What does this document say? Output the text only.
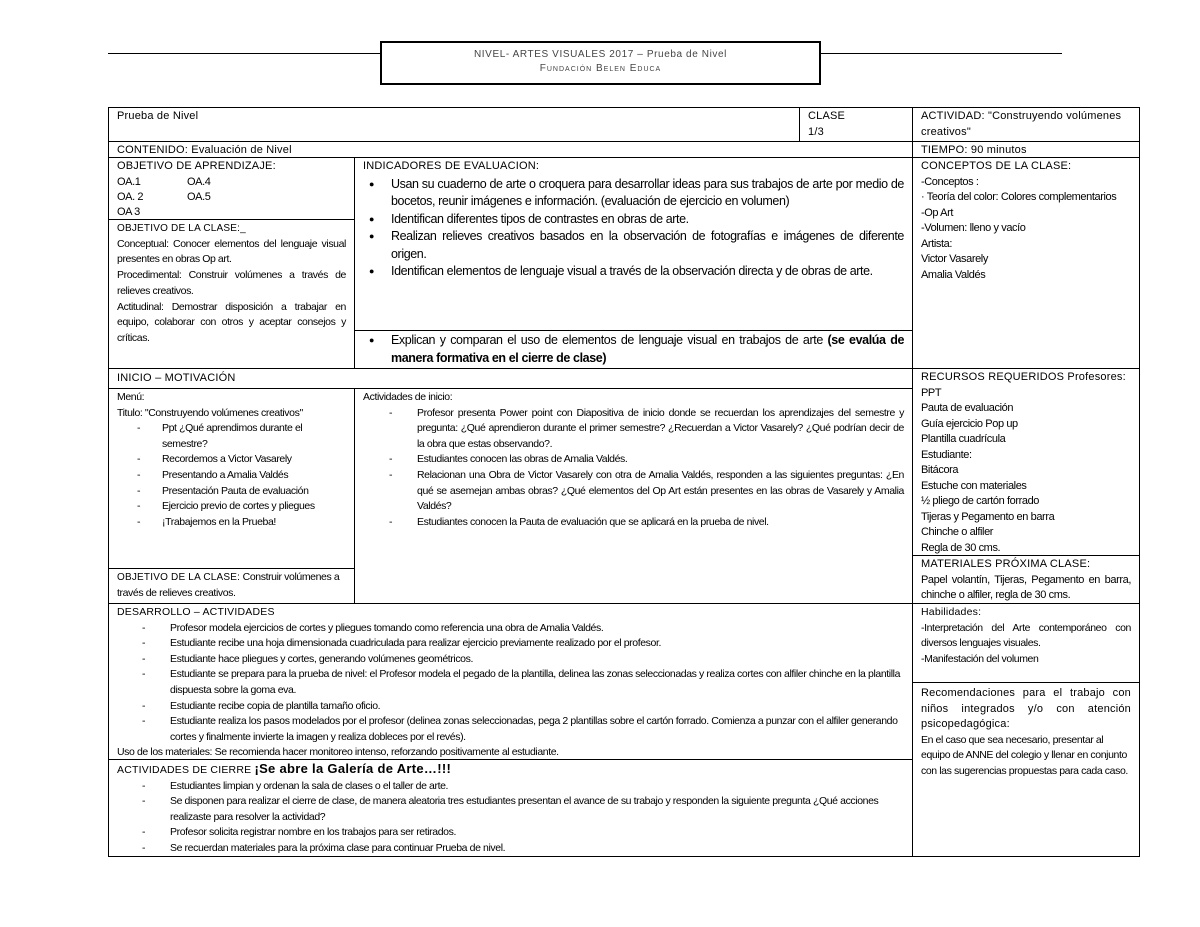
NIVEL- ARTES VISUALES 2017 – Prueba de Nivel
Fundación Belen Educa
Prueba de Nivel	CLASE
1/3
ACTIVIDAD: "Construyendo volúmenes creativos"
CONTENIDO: Evaluación de Nivel	TIEMPO: 90 minutos
OBJETIVO DE APRENDIZAJE:
OA.1	OA.4
OA. 2	OA.5
OA 3
OBJETIVO DE LA CLASE:_
Conceptual: Conocer elementos del lenguaje visual presentes en obras Op art.
Procedimental: Construir volúmenes a través de relieves creativos.
Actitudinal: Demostrar disposición a trabajar en equipo, colaborar con otros y aceptar consejos y críticas.
INDICADORES DE EVALUACION:
● Usan su cuaderno de arte o croquera para desarrollar ideas para sus trabajos de arte por medio de bocetos, reunir imágenes e información. (evaluación de ejercicio en volumen)
● Identifican diferentes tipos de contrastes en obras de arte.
● Realizan relieves creativos basados en la observación de fotografías e imágenes de diferente origen.
● Identifican elementos de lenguaje visual a través de la observación directa y de obras de arte.
● Explican y comparan el uso de elementos de lenguaje visual en trabajos de arte (se evalúa de manera formativa en el cierre de clase)
CONCEPTOS DE LA CLASE:
-Conceptos :
· Teoría del color: Colores complementarios
-Op Art
-Volumen: lleno y vacío
Artista:
Victor Vasarely
Amalia Valdés
INICIO – MOTIVACIÓN
Menú:
Titulo: "Construyendo volúmenes creativos"
- Ppt ¿Qué aprendimos durante el semestre?
- Recordemos a Victor Vasarely
- Presentando a Amalia Valdés
- Presentación Pauta de evaluación
- Ejercicio previo de cortes y pliegues
- ¡Trabajemos en la Prueba!
OBJETIVO DE LA CLASE: Construir volúmenes a través de relieves creativos.
Actividades de inicio:
- Profesor presenta Power point con Diapositiva de inicio donde se recuerdan los aprendizajes del semestre y pregunta: ¿Qué aprendieron durante el primer semestre? ¿Recuerdan a Victor Vasarely? ¿Qué podrían decir de la obra que estas observando?.
- Estudiantes conocen las obras de Amalia Valdés.
- Relacionan una Obra de Victor Vasarely con otra de Amalia Valdés, responden a las siguientes preguntas: ¿En qué se asemejan ambas obras? ¿Qué elementos del Op Art están presentes en las obras de Vasarely y Amalia Valdés?
- Estudiantes conocen la Pauta de evaluación que se aplicará en la prueba de nivel.
RECURSOS REQUERIDOS Profesores:
PPT
Pauta de evaluación
Guía ejercicio Pop up
Plantilla cuadrícula
Estudiante:
Bitácora
Estuche con materiales
½ pliego de cartón forrado
Tijeras y Pegamento en barra
Chinche o alfiler
Regla de 30 cms.
MATERIALES PRÓXIMA CLASE:
Papel volantín, Tijeras, Pegamento en barra, chinche o alfiler, regla de 30 cms.
DESARROLLO – ACTIVIDADES
- Profesor modela ejercicios de cortes y pliegues tomando como referencia una obra de Amalia Valdés.
- Estudiante recibe una hoja dimensionada cuadriculada para realizar ejercicio previamente realizado por el profesor.
- Estudiante hace pliegues y cortes, generando volúmenes geométricos.
- Estudiante se prepara para la prueba de nivel: el Profesor modela el pegado de la plantilla, delinea las zonas seleccionadas y realiza cortes con alfiler chinche en la plantilla dispuesta sobre la goma eva.
- Estudiante recibe copia de plantilla tamaño oficio.
- Estudiante realiza los pasos modelados por el profesor (delinea zonas seleccionadas, pega 2 plantillas sobre el cartón forrado. Comienza a punzar con el alfiler generando cortes y finalmente invierte la imagen y realiza dobleces por el revés).
Uso de los materiales: Se recomienda hacer monitoreo intenso, reforzando positivamente al estudiante.
ACTIVIDADES DE CIERRE ¡Se abre la Galería de Arte…!!!
- Estudiantes limpian y ordenan la sala de clases o el taller de arte.
- Se disponen para realizar el cierre de clase, de manera aleatoria tres estudiantes presentan el avance de su trabajo y responden la siguiente pregunta ¿Qué acciones realizaste para resolver la actividad?
- Profesor solicita registrar nombre en los trabajos para ser retirados.
- Se recuerdan materiales para la próxima clase para continuar Prueba de nivel.
Habilidades:
-Interpretación del Arte contemporáneo con diversos lenguajes visuales.
-Manifestación del volumen
Recomendaciones para el trabajo con niños integrados y/o con atención psicopedagógica:
En el caso que sea necesario, presentar al equipo de ANNE del colegio y llenar en conjunto con las sugerencias propuestas para cada caso.
